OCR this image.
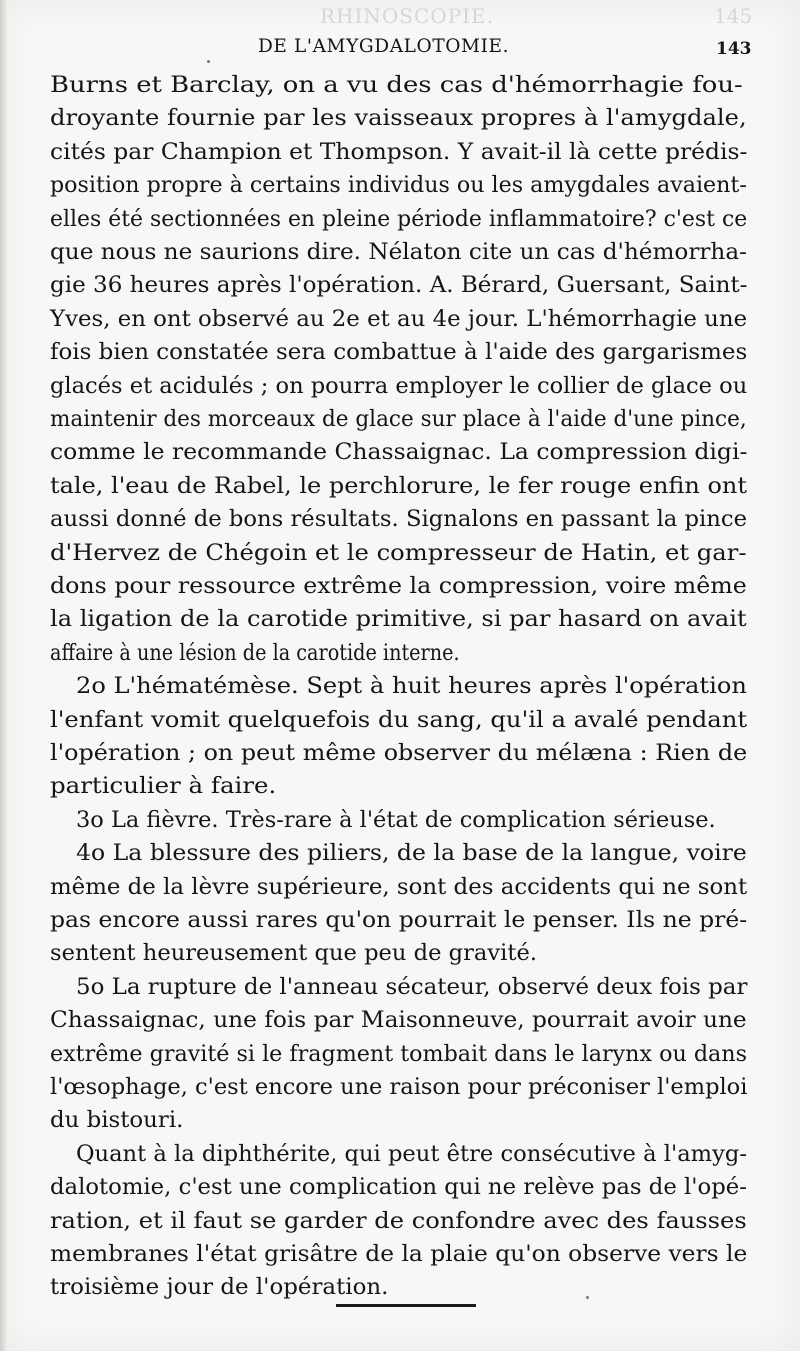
RHINOSCOPIE.	145
DE L'AMYGDALOTOMIE.	143
Burns et Barclay, on a vu des cas d'hémorrhagie fou-
droyante fournie par les vaisseaux propres à l'amygdale,
cités par Champion et Thompson. Y avait-il là cette prédis-
position propre à certains individus ou les amygdales avaient-
elles été sectionnées en pleine période inflammatoire? c'est ce
que nous ne saurions dire. Nélaton cite un cas d'hémorrha-
gie 36 heures après l'opération. A. Bérard, Guersant, Saint-
Yves, en ont observé au 2e et au 4e jour. L'hémorrhagie une
fois bien constatée sera combattue à l'aide des gargarismes
glacés et acidulés ; on pourra employer le collier de glace ou
maintenir des morceaux de glace sur place à l'aide d'une pince,
comme le recommande Chassaignac. La compression digi-
tale, l'eau de Rabel, le perchlorure, le fer rouge enfin ont
aussi donné de bons résultats. Signalons en passant la pince
d'Hervez de Chégoin et le compresseur de Hatin, et gar-
dons pour ressource extrême la compression, voire même
la ligation de la carotide primitive, si par hasard on avait
affaire à une lésion de la carotide interne.
2o L'hématémèse. Sept à huit heures après l'opération
l'enfant vomit quelquefois du sang, qu'il a avalé pendant
l'opération ; on peut même observer du mélæna : Rien de
particulier à faire.
3o La fièvre. Très-rare à l'état de complication sérieuse.
4o La blessure des piliers, de la base de la langue, voire
même de la lèvre supérieure, sont des accidents qui ne sont
pas encore aussi rares qu'on pourrait le penser. Ils ne pré-
sentent heureusement que peu de gravité.
5o La rupture de l'anneau sécateur, observé deux fois par
Chassaignac, une fois par Maisonneuve, pourrait avoir une
extrême gravité si le fragment tombait dans le larynx ou dans
l'œsophage, c'est encore une raison pour préconiser l'emploi
du bistouri.
Quant à la diphthérite, qui peut être consécutive à l'amyg-
dalotomie, c'est une complication qui ne relève pas de l'opé-
ration, et il faut se garder de confondre avec des fausses
membranes l'état grisâtre de la plaie qu'on observe vers le
troisième jour de l'opération.
